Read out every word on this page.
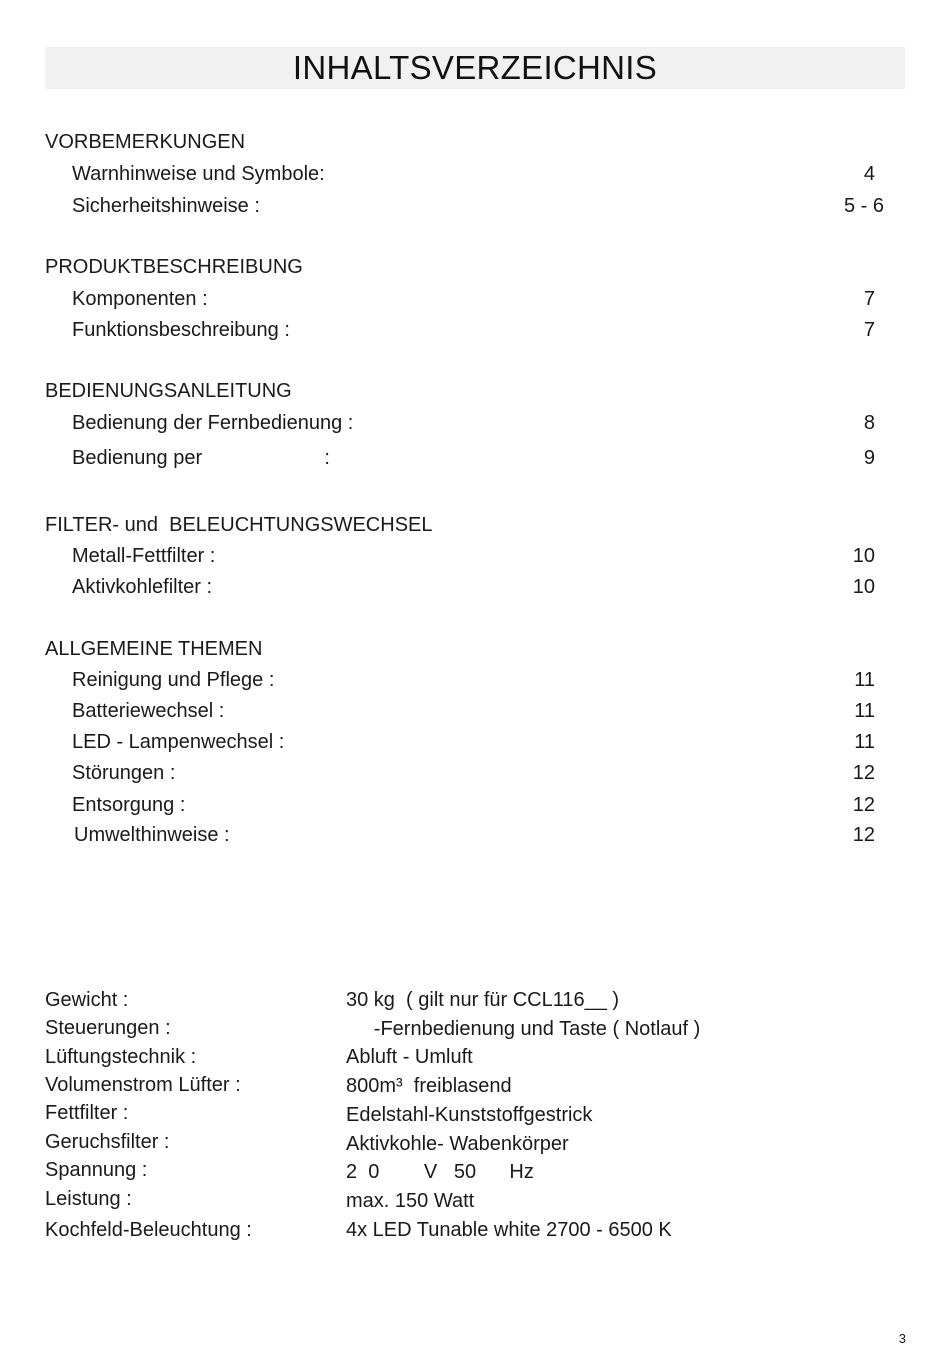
INHALTSVERZEICHNIS
VORBEMERKUNGEN
Warnhinweise und Symbole:	4
Sicherheitshinweise :	5 - 6
PRODUKTBESCHREIBUNG
Komponenten :	7
Funktionsbeschreibung :	7
BEDIENUNGSANLEITUNG
Bedienung der Fernbedienung :	8
Bedienung per                      :	9
FILTER- und  BELEUCHTUNGSWECHSEL
Metall-Fettfilter :	10
Aktivkohlefilter :	10
ALLGEMEINE THEMEN
Reinigung und Pflege :	11
Batteriewechsel :	11
LED - Lampenwechsel :	11
Störungen :	12
Entsorgung :	12
Umwelthinweise :	12
Gewicht :	30 kg  ( gilt nur für CCL116__ )
Steuerungen :	-Fernbedienung und Taste ( Notlauf )
Lüftungstechnik :	Abluft - Umluft
Volumenstrom Lüfter :	800m³  freiblasend
Fettfilter :	Edelstahl-Kunststoffgestrick
Geruchsfilter :	Aktivkohle- Wabenkörper
Spannung :	2  0        V   50      Hz
Leistung :	max. 150 Watt
Kochfeld-Beleuchtung :	4x LED Tunable white 2700 - 6500 K
3
